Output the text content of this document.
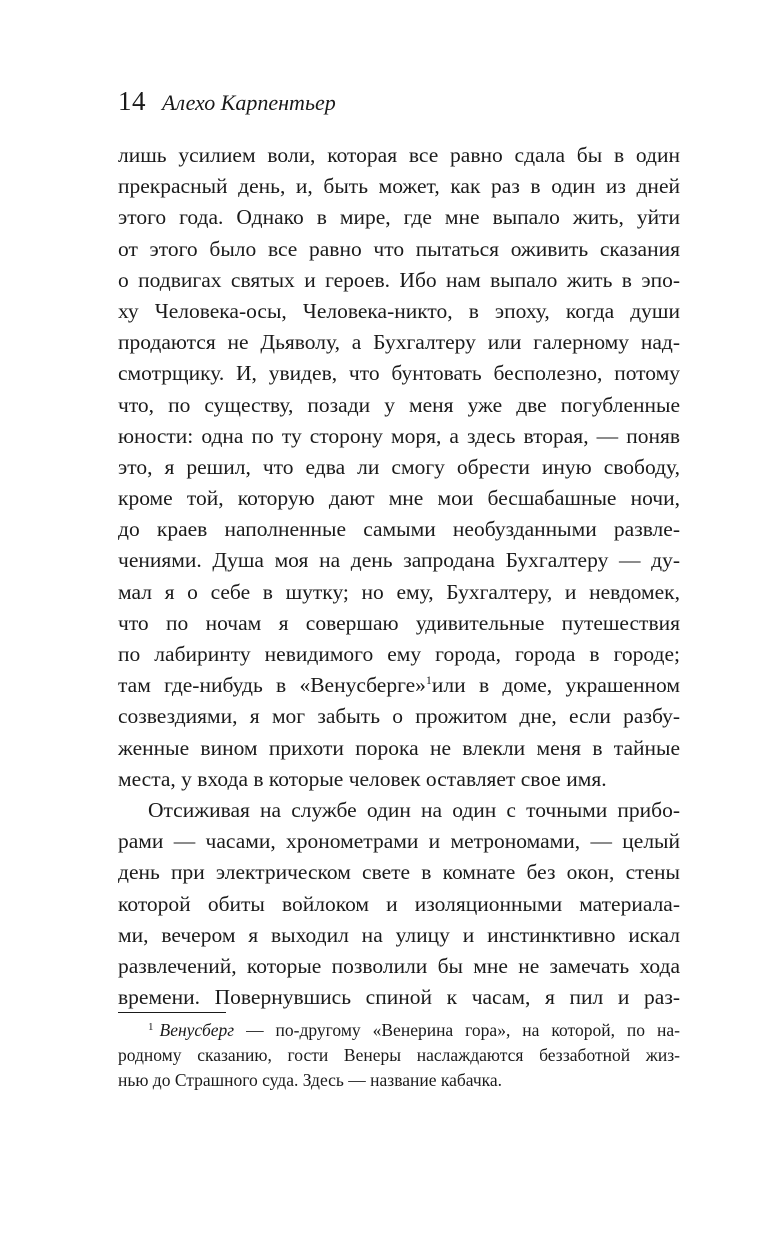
14 Алехо Карпентьер
лишь усилием воли, которая все равно сдала бы в один
прекрасный день, и, быть может, как раз в один из дней
этого года. Однако в мире, где мне выпало жить, уйти
от этого было все равно что пытаться оживить сказания
о подвигах святых и героев. Ибо нам выпало жить в эпо-
ху Человека-осы, Человека-никто, в эпоху, когда души
продаются не Дьяволу, а Бухгалтеру или галерному над-
смотрщику. И, увидев, что бунтовать бесполезно, потому
что, по существу, позади у меня уже две погубленные
юности: одна по ту сторону моря, а здесь вторая, — поняв
это, я решил, что едва ли смогу обрести иную свободу,
кроме той, которую дают мне мои бесшабашные ночи,
до краев наполненные самыми необузданными развле-
чениями. Душа моя на день запродана Бухгалтеру — ду-
мал я о себе в шутку; но ему, Бухгалтеру, и невдомек,
что по ночам я совершаю удивительные путешествия
по лабиринту невидимого ему города, города в городе;
там где-нибудь в «Венусберге»$^1$или в доме, украшенном
созвездиями, я мог забыть о прожитом дне, если разбу-
женные вином прихоти порока не влекли меня в тайные
места, у входа в которые человек оставляет свое имя.
Отсиживая на службе один на один с точными прибо-
рами — часами, хронометрами и метрономами, — целый
день при электрическом свете в комнате без окон, стены
которой обиты войлоком и изоляционными материала-
ми, вечером я выходил на улицу и инстинктивно искал
развлечений, которые позволили бы мне не замечать хода
времени. Повернувшись спиной к часам, я пил и раз-
$^1$ Венусберг — по-другому «Венерина гора», на которой, по на-
родному сказанию, гости Венеры наслаждаются беззаботной жиз-
нью до Страшного суда. Здесь — название кабачка.
